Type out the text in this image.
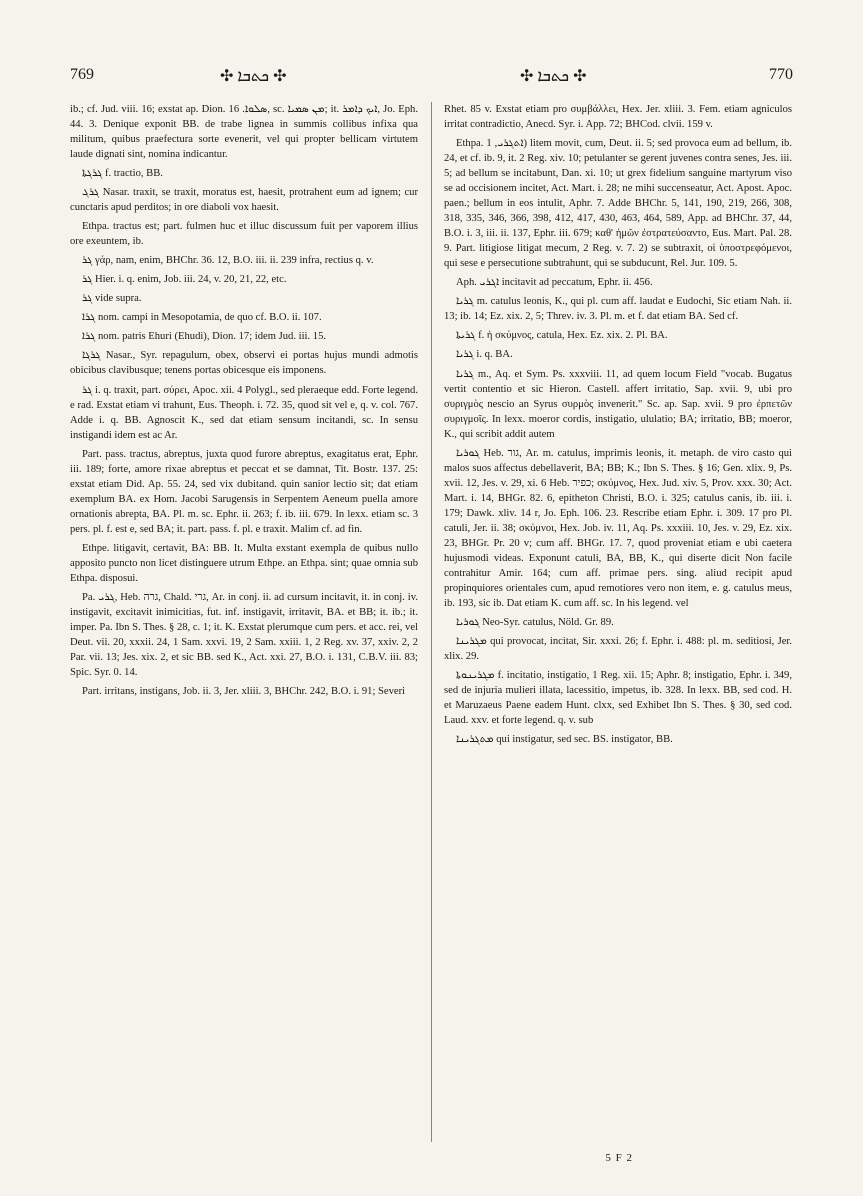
769	✣ ܟܬܒܐ ✣	✣ ܟܬܒܐ ✣	770

ib.; cf. Jud. viii. 16; exstat ap. Dion. ܣܠܘܐ. 16, sc. ܡܢ ܣܡܝܐ; it. ܐܝܟ ܕܐܡܪ, Jo. Eph. 44. 3. Denique exponit BB. de trabe lignea in summis collibus infixa qua militum, quibus praefectura sorte evenerit, vel qui propter bellicam virtutem laude dignati sint, nomina indicantur.

ܓܪܓܬܐ f. tractio, BB.

ܓܪܓ Nasar. traxit, se traxit, moratus est, haesit, protrahent eum ad ignem; cur cunctaris apud perditos; in ore diaboli vox haesit.

Ethpa. tractus est; part. fulmen huc et illuc discussum fuit per vaporem illius ore exeuntem, ib.

ܓܪ γάρ, nam, enim, BHChr. 36. 12, B.O. iii. ii. 239 infra, rectius q. v.

ܓܪ Hier. i. q. enim, Job. iii. 24, v. 20, 21, 22, etc.

ܓܪ vide supra.

ܓܪܐ nom. campi in Mesopotamia, de quo cf. B.O. ii. 107.

ܓܪܐ nom. patris Ehuri (Ehudi), Dion. 17; idem Jud. iii. 15.

ܓܪܓܐ Nasar., Syr. repagulum, obex, observi ei portas hujus mundi admotis obicibus clavibusque; tenens portas obicesque eis imponens.

ܓܪ i. q. traxit, part. σύρει, Apoc. xii. 4 Polygl., sed pleraeque edd. Forte legend. e rad. Exstat etiam vi trahunt, Eus. Theoph. i. 72. 35, quod sit vel e, q. v. col. 767. Adde i. q. BB. Agnoscit K., sed dat etiam sensum incitandi, sc. In sensu instigandi idem est ac Ar.

Part. pass. tractus, abreptus, juxta quod furore abreptus, exagitatus erat, Ephr. iii. 189; forte, amore rixae abreptus et peccat et se damnat, Tit. Bostr. 137. 25: exstat etiam Did. Ap. 55. 24, sed vix dubitand. quin sanior lectio sit; dat etiam exemplum BA. ex Hom. Jacobi Sarugensis in Serpentem Aeneum puella amore ornationis abrepta, BA. Pl. m. sc. Ephr. ii. 263; f. ib. iii. 679. In lexx. etiam sc. 3 pers. pl. f. est e, sed BA; it. part. pass. f. pl. e traxit. Malim cf. ad fin.

Ethpe. litigavit, certavit, BA: BB. It. Multa exstant exempla de quibus nullo apposito puncto non licet distinguere utrum Ethpe. an Ethpa. sint; quae omnia sub Ethpa. disposui.

Pa. ܓܪܝ, Heb. גרה, Chald. גרי, Ar. in conj. ii. ad cursum incitavit, it. in conj. iv. instigavit, excitavit inimicitias, fut. inf. instigavit, irritavit, BA. et BB; it. ib.; it. imper. Pa. Ibn S. Thes. § 28, c. 1; it. K. Exstat plerumque cum pers. et acc. rei, vel Deut. vii. 20, xxxii. 24, 1 Sam. xxvi. 19, 2 Sam. xxiii. 1, 2 Reg. xv. 37, xxiv. 2, 2 Par. vii. 13; Jes. xix. 2, et sic BB. sed K., Act. xxi. 27, B.O. i. 131, C.B.V. iii. 83; Spic. Syr. 0. 14.

Part. irritans, instigans, Job. ii. 3, Jer. xliii. 3, BHChr. 242, B.O. i. 91; Severi

Rhet. 85 v. Exstat etiam pro συμβάλλει, Hex. Jer. xliii. 3. Fem. etiam agniculos irritat contradictio, Anecd. Syr. i. App. 72; BHCod. clvii. 159 v.

Ethpa. ܐܬܓܪܝ, 1) litem movit, cum, Deut. ii. 5; sed provoca eum ad bellum, ib. 24, et cf. ib. 9, it. 2 Reg. xiv. 10; petulanter se gerent juvenes contra senes, Jes. iii. 5; ad bellum se incitabunt, Dan. xi. 10; ut grex fidelium sanguine martyrum viso se ad occisionem incitet, Act. Mart. i. 28; ne mihi succenseatur, Act. Apost. Apoc. paen.; bellum in eos intulit, Aphr. 7. Adde BHChr. 5, 141, 190, 219, 266, 308, 318, 335, 346, 366, 398, 412, 417, 430, 463, 464, 589, App. ad BHChr. 37, 44, B.O. i. 3, iii. ii. 137, Ephr. iii. 679; καθ' ἡμῶν ἐστρατεύσαντο, Eus. Mart. Pal. 28. 9. Part. litigiose litigat mecum, 2 Reg. v. 7. 2) se subtraxit, οἱ ὑποστρεφόμενοι, qui sese e persecutione subtrahunt, qui se subducunt, Rel. Jur. 109. 5.

Aph. ܐܓܪܝ incitavit ad peccatum, Ephr. ii. 456.

ܓܪܝܐ m. catulus leonis, K., qui pl. cum aff. laudat e Eudochi, Sic etiam Nah. ii. 13; ib. 14; Ez. xix. 2, 5; Threν. iv. 3. Pl. m. et f. dat etiam BA. Sed cf.

ܓܪܝܬܐ f. ἡ σκύμνος, catula, Hex. Ez. xix. 2. Pl. BA.

ܓܪܝܐ i. q. BA.

ܓܪܝܐ m., Aq. et Sym. Ps. xxxviii. 11, ad quem locum Field "vocab. Bugatus vertit contentio et sic Hieron. Castell. affert irritatio, Sap. xvii. 9, ubi pro συριγμὸς nescio an Syrus συρμὸς invenerit." Sc. ap. Sap. xvii. 9 pro ἐρπετῶν συριγμοῖς. In lexx. moeror cordis, instigatio, ululatio; BA; irritatio, BB; moeror, K., qui scribit addit autem

ܓܘܪܝܐ Heb. גור, Ar. m. catulus, imprimis leonis, it. metaph. de viro casto qui malos suos affectus debellaverit, BA; BB; K.; Ibn S. Thes. § 16; Gen. xlix. 9, Ps. xvii. 12, Jes. v. 29, xi. 6 Heb. כפיר; σκύμνος, Hex. Jud. xiv. 5, Prov. xxx. 30; Act. Mart. i. 14, BHGr. 82. 6, epitheton Christi, B.O. i. 325; catulus canis, ib. iii. i. 179; Dawk. xliv. 14 r, Jo. Eph. 106. 23. Rescribe etiam Ephr. i. 309. 17 pro Pl. catuli, Jer. ii. 38; σκύμνοι, Hex. Job. iv. 11, Aq. Ps. xxxiii. 10, Jes. v. 29, Ez. xix. 23, BHGr. Pr. 20 v; cum aff. BHGr. 17. 7, quod proveniat etiam e ubi caetera hujusmodi videas. Exponunt catuli, BA, BB, K., qui diserte dicit Non facile contrahitur Amir. 164; cum aff. primae pers. sing. aliud recipit apud propinquiores orientales cum, apud remotiores vero non item, e. g. catulus meus, ib. 193, sic ib. Dat etiam K. cum aff. sc. In his legend. vel

ܓܘܪܝܐ Neo-Syr. catulus, Nöld. Gr. 89.

ܡܓܪܝܢܐ qui provocat, incitat, Sir. xxxi. 26; f. Ephr. i. 488: pl. m. seditiosi, Jer. xlix. 29.

ܡܓܪܝܢܘܬܐ f. incitatio, instigatio, 1 Reg. xii. 15; Aphr. 8; instigatio, Ephr. i. 349, sed de injuria mulieri illata, lacessitio, impetus, ib. 328. In lexx. BB, sed cod. H. et Maruzaeus Paene eadem Hunt. clxx, sed Exhibet Ibn S. Thes. § 30, sed cod. Laud. xxv. et forte legend. q. v. sub

ܡܬܓܪܝܢܐ qui instigatur, sed sec. BS. instigator, BB.

5 F 2
